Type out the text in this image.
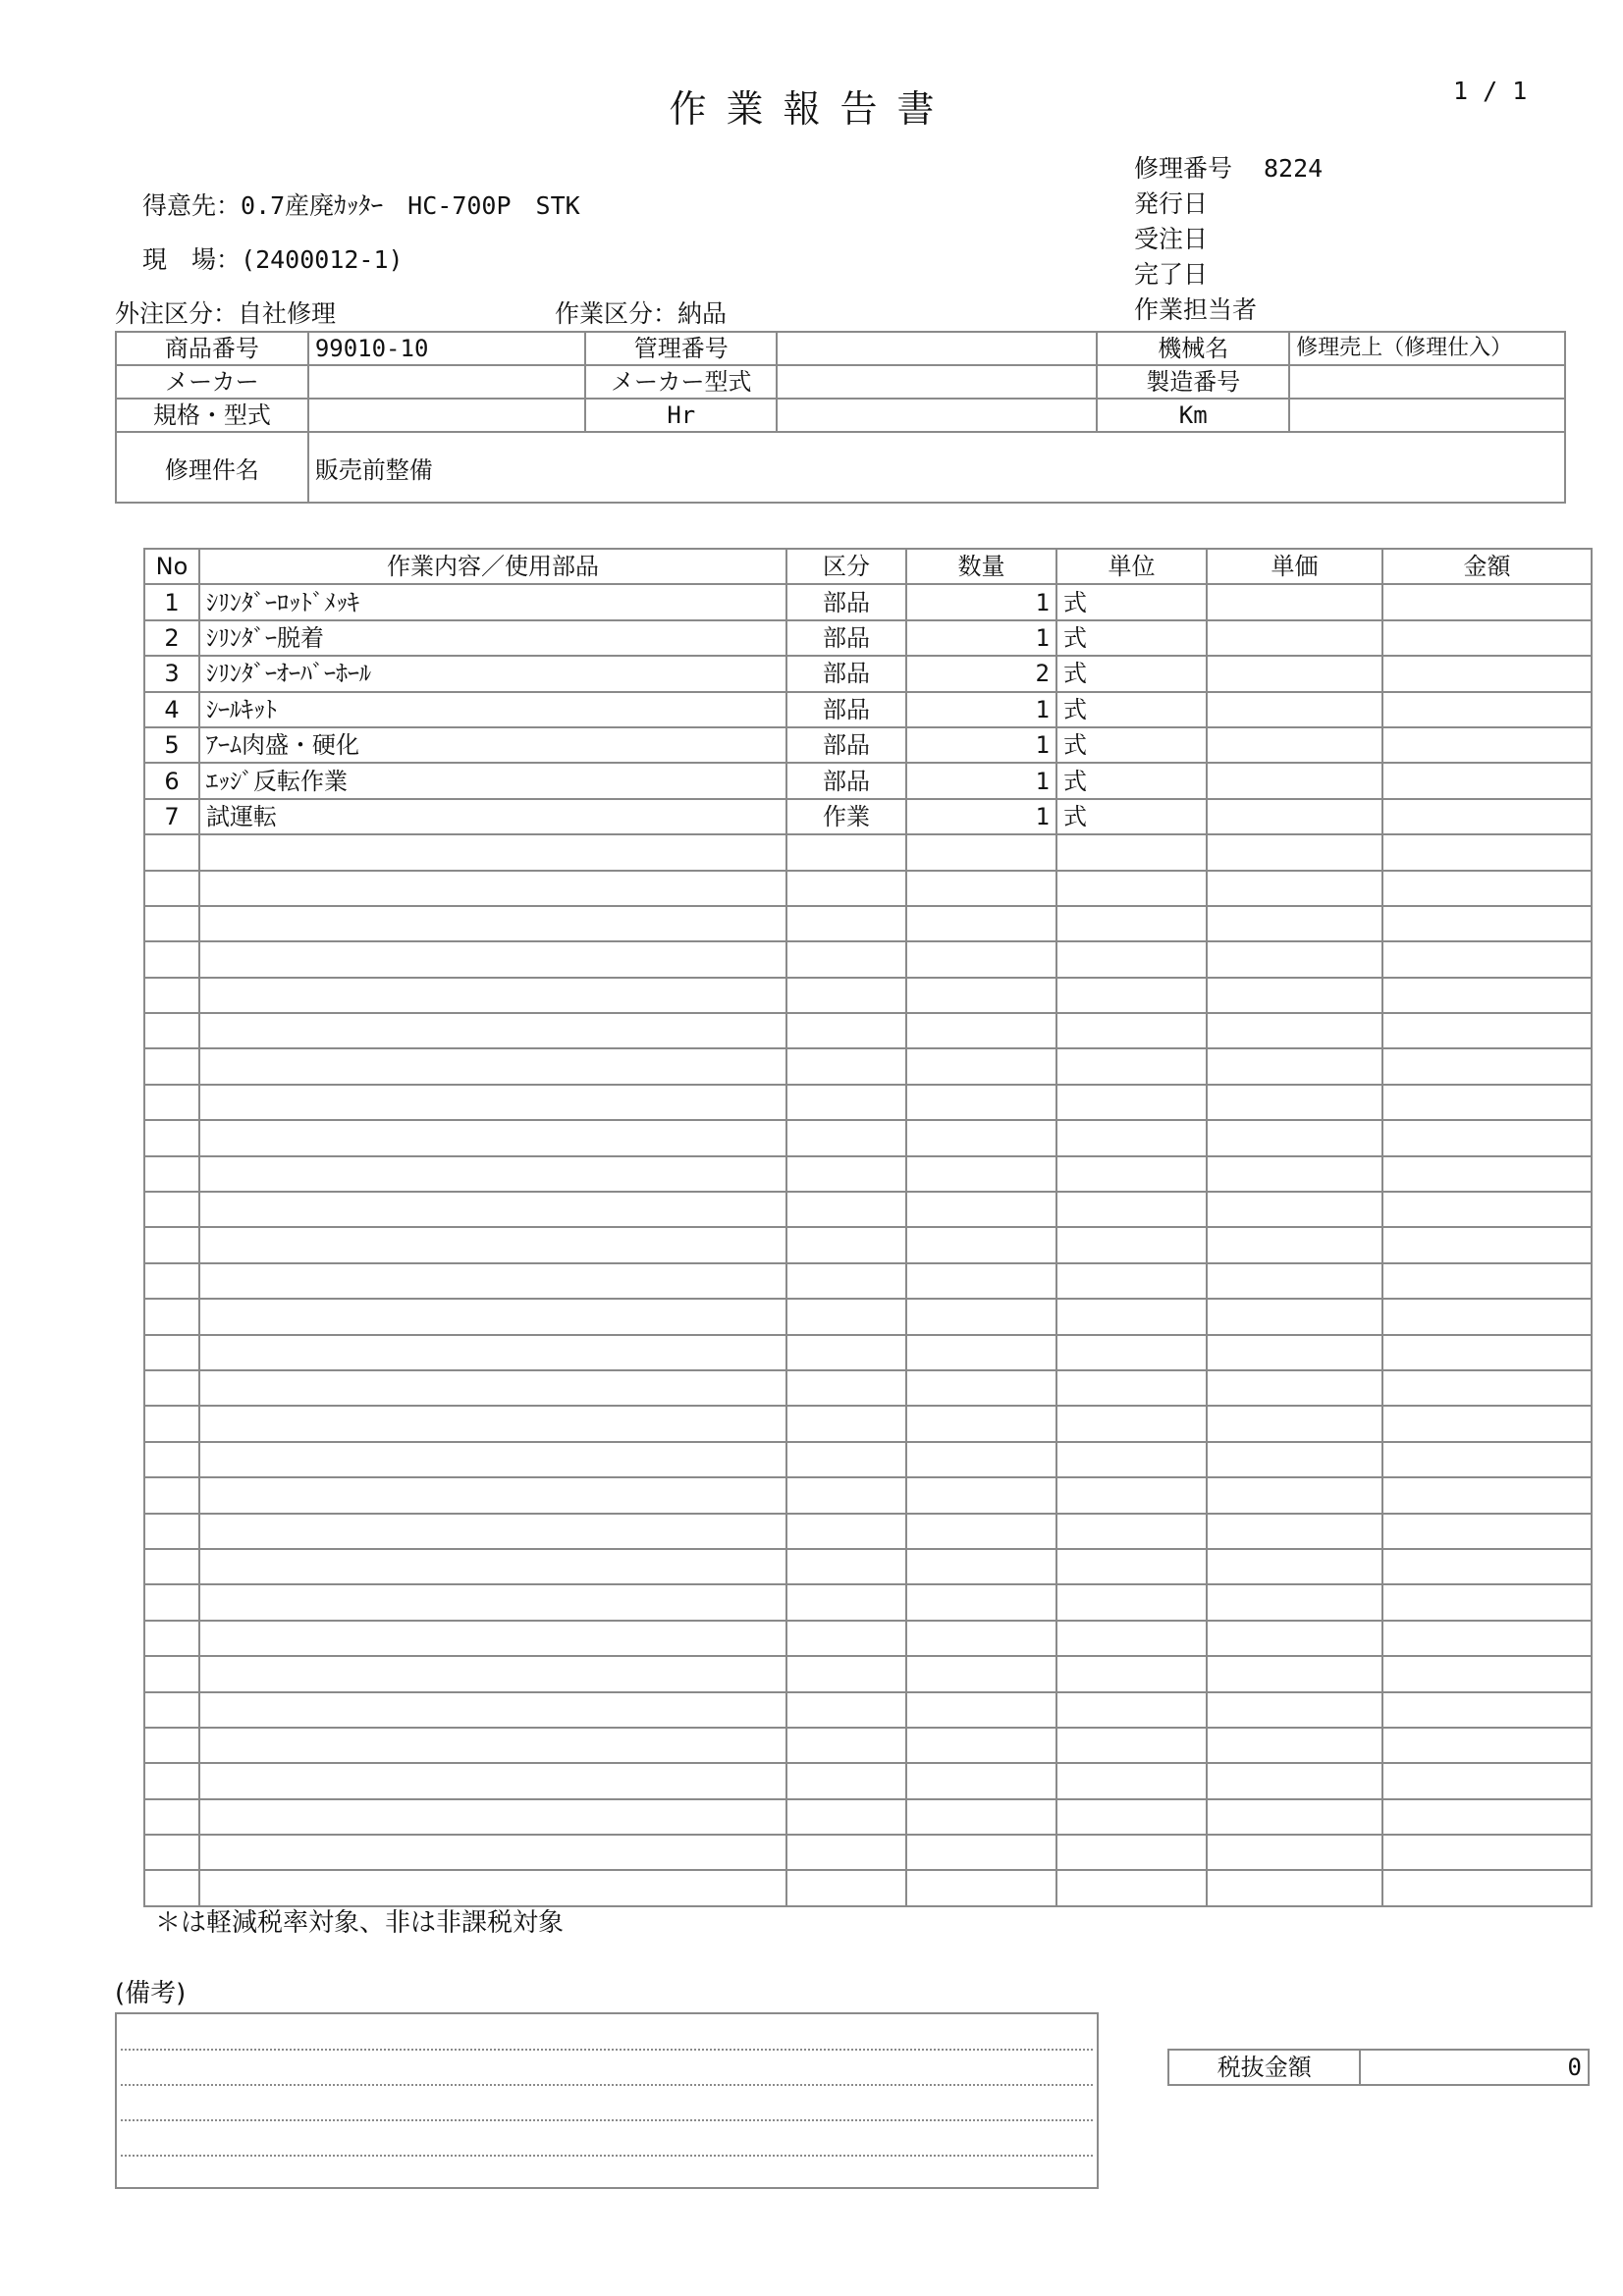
作業報告書	1 / 1
得意先：0.7産廃ｶｯﾀｰ　HC-700P　STK
現　場：(2400012-1)
外注区分：自社修理	作業区分：納品
修理番号 8224
発行日
受注日
完了日
作業担当者
商品番号	99010-10	管理番号		機械名	修理売上（修理仕入）
メーカー		メーカー型式		製造番号	
規格・型式		Hr		Km	
修理件名	販売前整備				
No	作業内容／使用部品	区分	数量	単位	単価	金額
1	ｼﾘﾝﾀﾞｰﾛｯﾄﾞﾒｯｷ	部品	1	式		
2	ｼﾘﾝﾀﾞｰ脱着	部品	1	式		
3	ｼﾘﾝﾀﾞｰｵｰﾊﾞｰﾎｰﾙ	部品	2	式		
4	ｼｰﾙｷｯﾄ	部品	1	式		
5	ｱｰﾑ肉盛・硬化	部品	1	式		
6	ｴｯｼﾞ反転作業	部品	1	式		
7	試運転	作業	1	式		

＊は軽減税率対象、非は非課税対象
(備考)
税抜金額	0
